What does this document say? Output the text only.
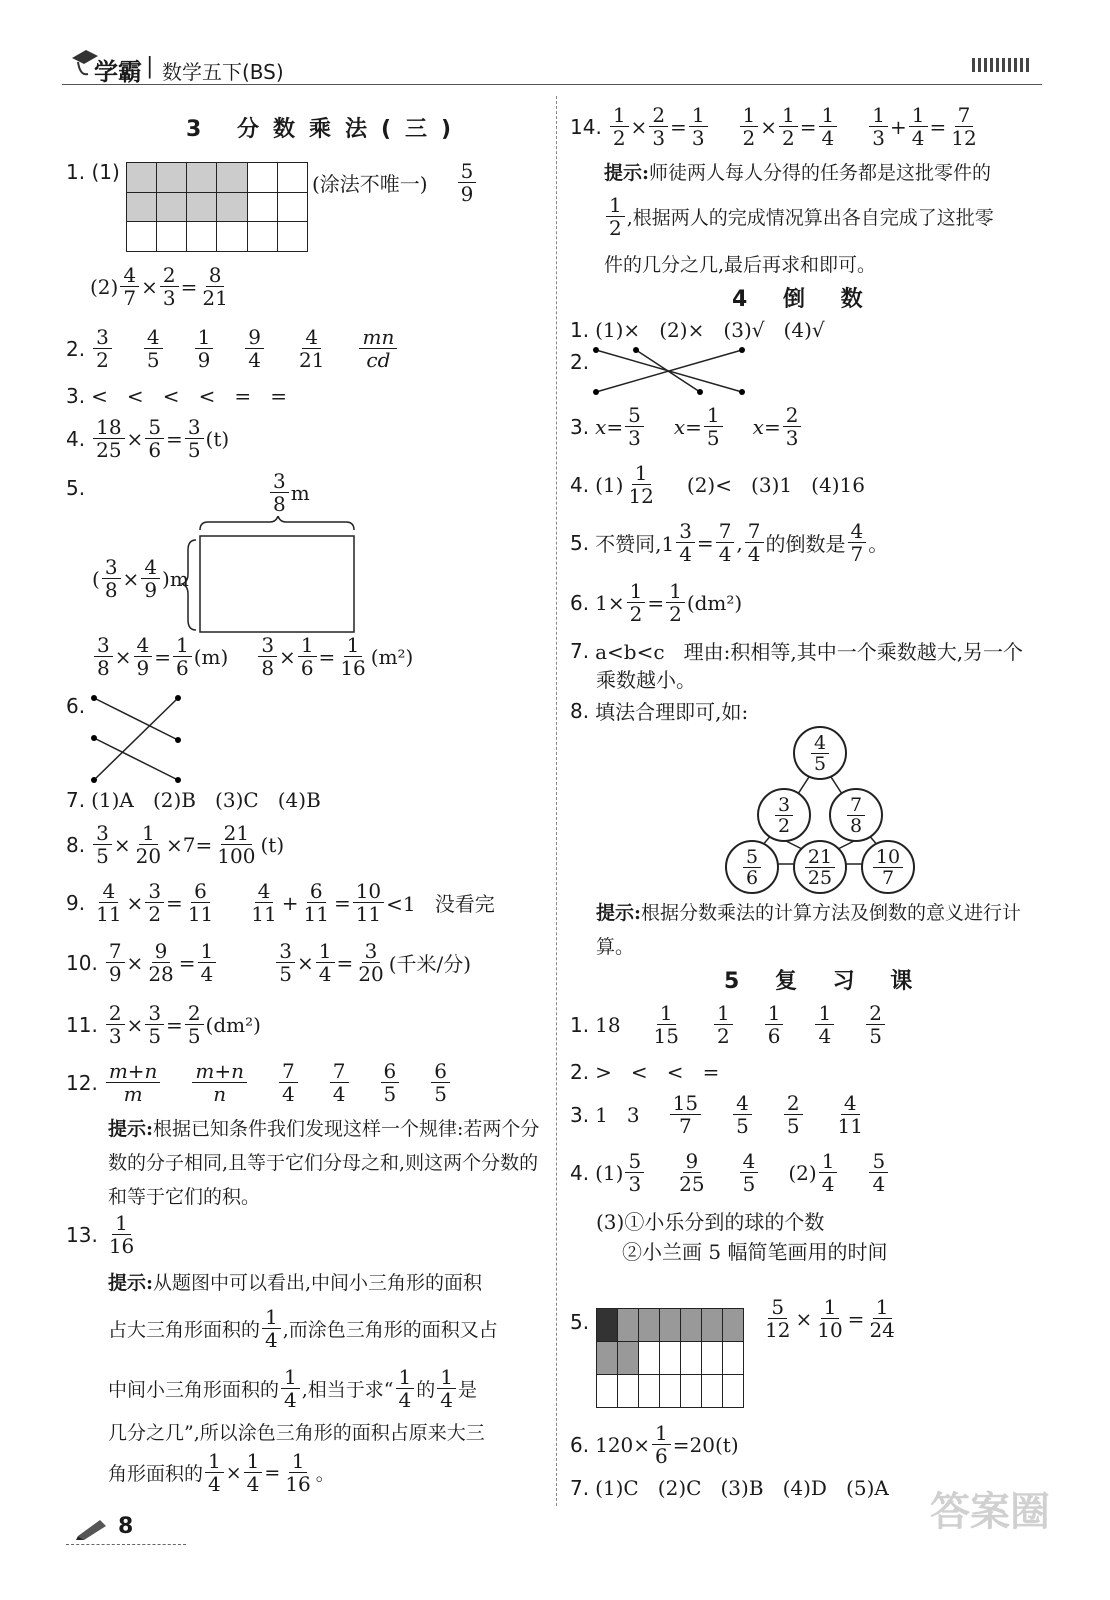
学霸 | 数学五下(BS)
3 分数乘法(三)
1. (1)

						(涂法不唯一) $\frac{5}{9}$
$(2) \frac{4}{7} \times \frac{2}{3} = \frac{8}{21}$
2. $\frac{3}{2} \frac{4}{5} \frac{1}{9} \frac{9}{4} \frac{4}{21} \frac{mn}{cd}$
3. <   <   <   <   =   =
4. $\frac{18}{25} \times \frac{5}{6} = \frac{3}{5} (t)$
5.	$\frac{3}{8}$ m
( $\frac{3}{8} \times \frac{4}{9} )m$
$\frac{3}{8} \times \frac{4}{9} = \frac{1}{6} (m) \frac{3}{8} \times \frac{1}{6} = \frac{1}{16} (m^2)$
6.
7. (1)A   (2)B   (3)C   (4)B
8. $\frac{3}{5} \times \frac{1}{20} \times 7= \frac{21}{100} (t)$
9. $\frac{4}{11} \times \frac{3}{2} = \frac{6}{11} \frac{4}{11} + \frac{6}{11} = \frac{10}{11} <1$   没看完
10. $\frac{7}{9} \times \frac{9}{28} = \frac{1}{4}$	$\frac{3}{5} \times \frac{1}{4} = \frac{3}{20}$ (千米/分)
11. $\frac{2}{3} \times \frac{3}{5} = \frac{2}{5} (dm^2)$
12. $\frac{m+n}{m} \frac{m+n}{n} \frac{7}{4} \frac{7}{4} \frac{6}{5} \frac{6}{5}$
提示:根据已知条件我们发现这样一个规律:若两个分数的分子相同,且等于它们分母之和,则这两个分数的和等于它们的积。
13. $\frac{1}{16}$
提示: 从题图中可以看出,中间小三角形的面积
占大三角形面积的 $\frac{1}{4}$ ,而涂色三角形的面积又占
中间小三角形面积的 $\frac{1}{4}$ ,相当于求“ $\frac{1}{4}$ 的 $\frac{1}{4}$ 是
几分之几”,所以涂色三角形的面积占原来大三
角形面积的 $\frac{1}{4} \times \frac{1}{4} = \frac{1}{16}$ 。
8
14. $\frac{1}{2} \times \frac{2}{3} = \frac{1}{3} \frac{1}{2} \times \frac{1}{2} = \frac{1}{4} \frac{1}{3} + \frac{1}{4} = \frac{7}{12}$
提示: 师徒两人每人分得的任务都是这批零件的
$\frac{1}{2}$ ,根据两人的完成情况算出各自完成了这批零
件的几分之几,最后再求和即可。
4 倒 数
1. (1)×   (2)×   (3)√   (4)√
2.
3. $x = \frac{5}{3}$ $x = \frac{1}{5}$ $x = \frac{2}{3}$
4. $(1) \frac{1}{12} (2)< (3)1$   (4)16
5. 不赞同$,1 \frac{3}{4} = \frac{7}{4}$ , $\frac{7}{4}$ 的倒数是 $\frac{4}{7}$ 。
6. $1\times \frac{1}{2} = \frac{1}{2} (dm^2)$
7. a<b<c   理由:积相等,其中一个乘数越大,另一个
乘数越小。
8. 填法合理即可,如:
$\frac{4}{5}$
$\frac{3}{2}$	$\frac{7}{8}$
$\frac{5}{6} \frac{21}{25} \frac{10}{7}$
提示:根据分数乘法的计算方法及倒数的意义进行计算。
5 复 习 课
1. $18 \frac{1}{15} \frac{1}{2} \frac{1}{6} \frac{1}{4} \frac{2}{5}$
2. >   <   <   =
3. 1   $3 \frac{15}{7} \frac{4}{5} \frac{2}{5} \frac{4}{11}$
4. $(1) \frac{5}{3} \frac{9}{25} \frac{4}{5} (2) \frac{1}{4} \frac{5}{4}$
(3)①小乐分到的球的个数
②小兰画 5 幅简笔画用的时间
5.

							$\frac{5}{12} \times \frac{1}{10} = \frac{1}{24}$
6. $120\times \frac{1}{6} =20(t)$
7. (1)C   (2)C   (3)B   (4)D   (5)A
答案圈
